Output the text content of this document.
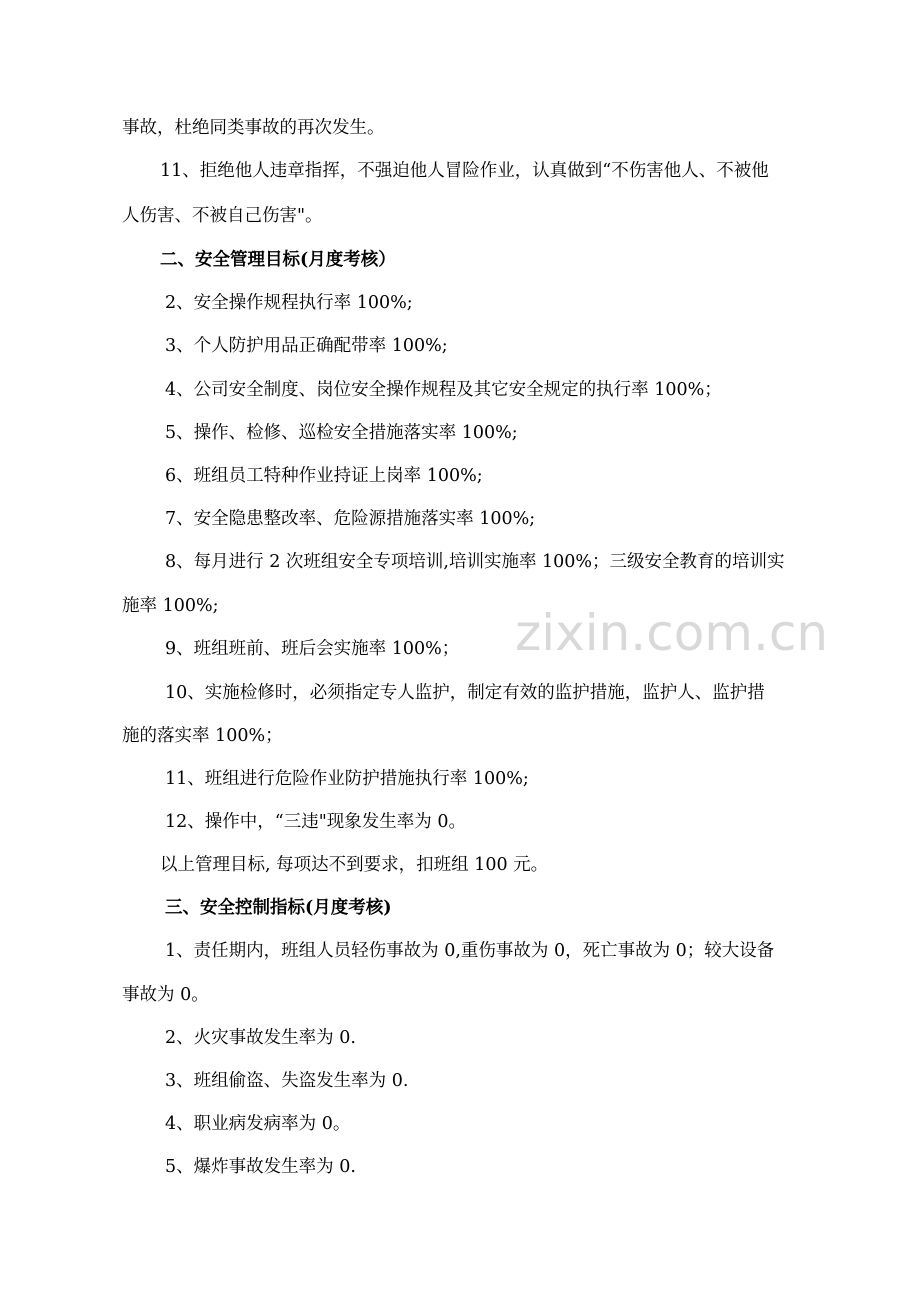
事故，杜绝同类事故的再次发生。
11、拒绝他人违章指挥，不强迫他人冒险作业，认真做到“不伤害他人、不被他
人伤害、不被自己伤害"。
二、安全管理目标(月度考核）
2、安全操作规程执行率 100%;
3、个人防护用品正确配带率 100%;
4、公司安全制度、岗位安全操作规程及其它安全规定的执行率 100%；
5、操作、检修、巡检安全措施落实率 100%;
6、班组员工特种作业持证上岗率 100%;
7、安全隐患整改率、危险源措施落实率 100%;
8、每月进行 2 次班组安全专项培训,培训实施率 100%；三级安全教育的培训实
施率 100%;
9、班组班前、班后会实施率 100%；
10、实施检修时，必须指定专人监护，制定有效的监护措施，监护人、监护措
施的落实率 100%；
11、班组进行危险作业防护措施执行率 100%;
12、操作中，“三违"现象发生率为 0。
以上管理目标, 每项达不到要求，扣班组 100 元。
三、安全控制指标(月度考核)
1、责任期内，班组人员轻伤事故为 0,重伤事故为 0，死亡事故为 0；较大设备
事故为 0。
2、火灾事故发生率为 0.
3、班组偷盗、失盗发生率为 0.
4、职业病发病率为 0。
5、爆炸事故发生率为 0.
zixin.com.cn
